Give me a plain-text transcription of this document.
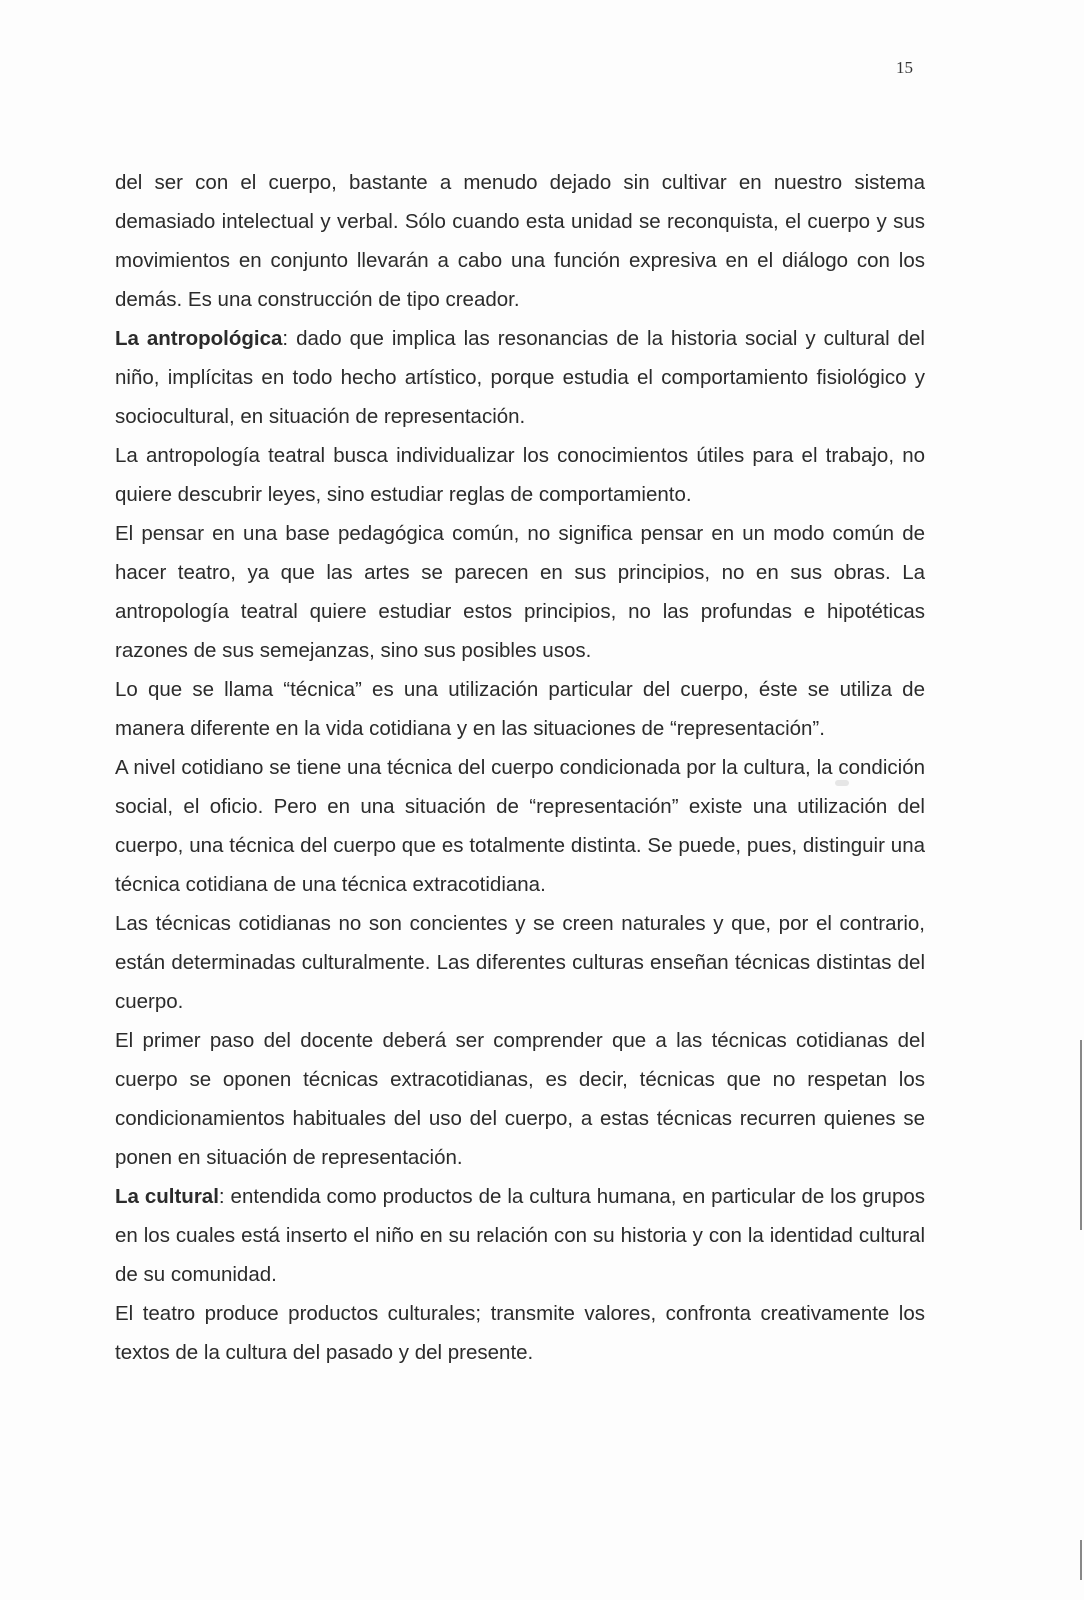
15

del ser con el cuerpo, bastante a menudo dejado sin cultivar en nuestro sistema demasiado intelectual y verbal. Sólo cuando esta unidad se reconquista, el cuerpo y sus movimientos en conjunto llevarán a cabo una función expresiva en el diálogo con los demás. Es una construcción de tipo creador.

La antropológica: dado que implica las resonancias de la historia social y cultural del niño, implícitas en todo hecho artístico, porque estudia el comportamiento fisiológico y sociocultural, en situación de representación.

La antropología teatral busca individualizar los conocimientos útiles para el trabajo, no quiere descubrir leyes, sino estudiar reglas de comportamiento.

El pensar en una base pedagógica común, no significa pensar en un modo común de hacer teatro, ya que las artes se parecen en sus principios, no en sus obras. La antropología teatral quiere estudiar estos principios, no las profundas e hipotéticas razones de sus semejanzas, sino sus posibles usos.

Lo que se llama “técnica” es una utilización particular del cuerpo, éste se utiliza de manera diferente en la vida cotidiana y en las situaciones de “representación”.

A nivel cotidiano se tiene una técnica del cuerpo condicionada por la cultura, la condición social, el oficio. Pero en una situación de “representación” existe una utilización del cuerpo, una técnica del cuerpo que es totalmente distinta. Se puede, pues, distinguir una técnica cotidiana de una técnica extracotidiana.

Las técnicas cotidianas no son concientes y se creen naturales y que, por el contrario, están determinadas culturalmente. Las diferentes culturas enseñan técnicas distintas del cuerpo.

El primer paso del docente deberá ser comprender que a las técnicas cotidianas del cuerpo se oponen técnicas extracotidianas, es decir, técnicas que no respetan los condicionamientos habituales del uso del cuerpo, a estas técnicas recurren quienes se ponen en situación de representación.

La cultural: entendida como productos de la cultura humana, en particular de los grupos en los cuales está inserto el niño en su relación con su historia y con la identidad cultural de su comunidad.

El teatro produce productos culturales; transmite valores, confronta creativamente los textos de la cultura del pasado y del presente.
